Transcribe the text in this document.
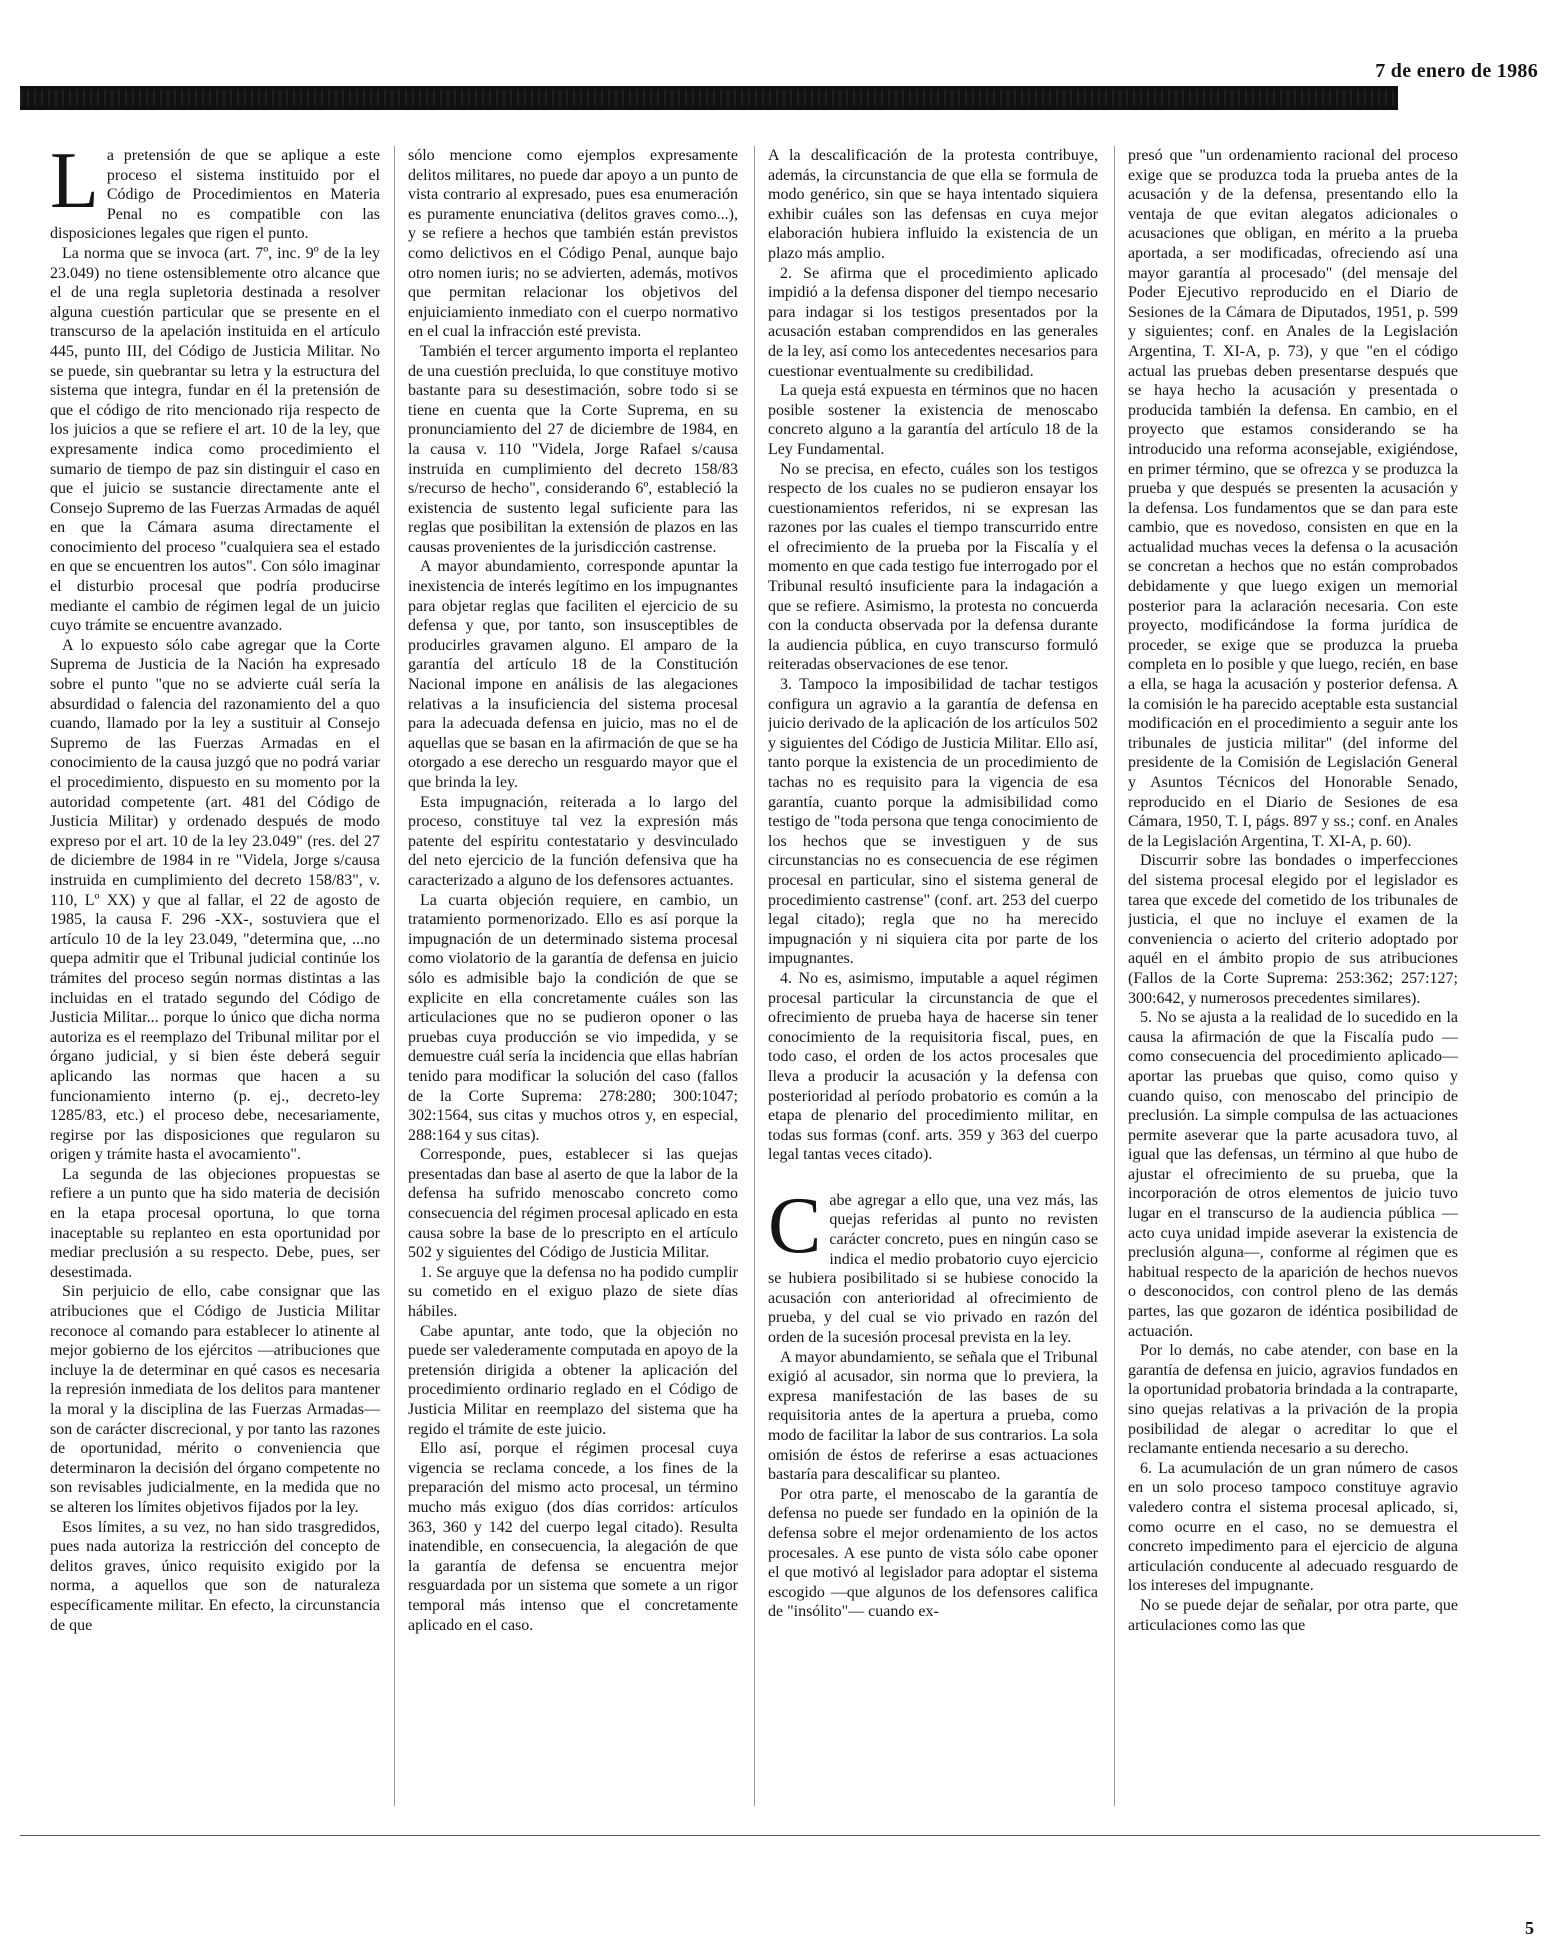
7 de enero de 1986

La pretensión de que se aplique a este proceso el sistema instituido por el Código de Procedimientos en Materia Penal no es compatible con las disposiciones legales que rigen el punto.

La norma que se invoca (art. 7º, inc. 9º de la ley 23.049) no tiene ostensiblemente otro alcance que el de una regla supletoria destinada a resolver alguna cuestión particular que se presente en el transcurso de la apelación instituida en el artículo 445, punto III, del Código de Justicia Militar. No se puede, sin quebrantar su letra y la estructura del sistema que integra, fundar en él la pretensión de que el código de rito mencionado rija respecto de los juicios a que se refiere el art. 10 de la ley, que expresamente indica como procedimiento el sumario de tiempo de paz sin distinguir el caso en que el juicio se sustancie directamente ante el Consejo Supremo de las Fuerzas Armadas de aquél en que la Cámara asuma directamente el conocimiento del proceso "cualquiera sea el estado en que se encuentren los autos". Con sólo imaginar el disturbio procesal que podría producirse mediante el cambio de régimen legal de un juicio cuyo trámite se encuentre avanzado.

A lo expuesto sólo cabe agregar que la Corte Suprema de Justicia de la Nación ha expresado sobre el punto "que no se advierte cuál sería la absurdidad o falencia del razonamiento del a quo cuando, llamado por la ley a sustituir al Consejo Supremo de las Fuerzas Armadas en el conocimiento de la causa juzgó que no podrá variar el procedimiento, dispuesto en su momento por la autoridad competente (art. 481 del Código de Justicia Militar) y ordenado después de modo expreso por el art. 10 de la ley 23.049" (res. del 27 de diciembre de 1984 in re "Videla, Jorge s/causa instruida en cumplimiento del decreto 158/83", v. 110, Lº XX) y que al fallar, el 22 de agosto de 1985, la causa F. 296 -XX-, sostuviera que el artículo 10 de la ley 23.049, "determina que, ...no quepa admitir que el Tribunal judicial continúe los trámites del proceso según normas distintas a las incluidas en el tratado segundo del Código de Justicia Militar... porque lo único que dicha norma autoriza es el reemplazo del Tribunal militar por el órgano judicial, y si bien éste deberá seguir aplicando las normas que hacen a su funcionamiento interno (p. ej., decreto-ley 1285/83, etc.) el proceso debe, necesariamente, regirse por las disposiciones que regularon su origen y trámite hasta el avocamiento".

La segunda de las objeciones propuestas se refiere a un punto que ha sido materia de decisión en la etapa procesal oportuna, lo que torna inaceptable su replanteo en esta oportunidad por mediar preclusión a su respecto. Debe, pues, ser desestimada.

Sin perjuicio de ello, cabe consignar que las atribuciones que el Código de Justicia Militar reconoce al comando para establecer lo atinente al mejor gobierno de los ejércitos —atribuciones que incluye la de determinar en qué casos es necesaria la represión inmediata de los delitos para mantener la moral y la disciplina de las Fuerzas Armadas— son de carácter discrecional, y por tanto las razones de oportunidad, mérito o conveniencia que determinaron la decisión del órgano competente no son revisables judicialmente, en la medida que no se alteren los límites objetivos fijados por la ley.

Esos límites, a su vez, no han sido trasgredidos, pues nada autoriza la restricción del concepto de delitos graves, único requisito exigido por la norma, a aquellos que son de naturaleza específicamente militar. En efecto, la circunstancia de que

sólo mencione como ejemplos expresamente delitos militares, no puede dar apoyo a un punto de vista contrario al expresado, pues esa enumeración es puramente enunciativa (delitos graves como...), y se refiere a hechos que también están previstos como delictivos en el Código Penal, aunque bajo otro nomen iuris; no se advierten, además, motivos que permitan relacionar los objetivos del enjuiciamiento inmediato con el cuerpo normativo en el cual la infracción esté prevista.

También el tercer argumento importa el replanteo de una cuestión precluida, lo que constituye motivo bastante para su desestimación, sobre todo si se tiene en cuenta que la Corte Suprema, en su pronunciamiento del 27 de diciembre de 1984, en la causa v. 110 "Videla, Jorge Rafael s/causa instruida en cumplimiento del decreto 158/83 s/recurso de hecho", considerando 6º, estableció la existencia de sustento legal suficiente para las reglas que posibilitan la extensión de plazos en las causas provenientes de la jurisdicción castrense.

A mayor abundamiento, corresponde apuntar la inexistencia de interés legítimo en los impugnantes para objetar reglas que faciliten el ejercicio de su defensa y que, por tanto, son insusceptibles de producirles gravamen alguno. El amparo de la garantía del artículo 18 de la Constitución Nacional impone en análisis de las alegaciones relativas a la insuficiencia del sistema procesal para la adecuada defensa en juicio, mas no el de aquellas que se basan en la afirmación de que se ha otorgado a ese derecho un resguardo mayor que el que brinda la ley.

Esta impugnación, reiterada a lo largo del proceso, constituye tal vez la expresión más patente del espíritu contestatario y desvinculado del neto ejercicio de la función defensiva que ha caracterizado a alguno de los defensores actuantes.

La cuarta objeción requiere, en cambio, un tratamiento pormenorizado. Ello es así porque la impugnación de un determinado sistema procesal como violatorio de la garantía de defensa en juicio sólo es admisible bajo la condición de que se explicite en ella concretamente cuáles son las articulaciones que no se pudieron oponer o las pruebas cuya producción se vio impedida, y se demuestre cuál sería la incidencia que ellas habrían tenido para modificar la solución del caso (fallos de la Corte Suprema: 278:280; 300:1047; 302:1564, sus citas y muchos otros y, en especial, 288:164 y sus citas).

Corresponde, pues, establecer si las quejas presentadas dan base al aserto de que la labor de la defensa ha sufrido menoscabo concreto como consecuencia del régimen procesal aplicado en esta causa sobre la base de lo prescripto en el artículo 502 y siguientes del Código de Justicia Militar.

1. Se arguye que la defensa no ha podido cumplir su cometido en el exiguo plazo de siete días hábiles.

Cabe apuntar, ante todo, que la objeción no puede ser valederamente computada en apoyo de la pretensión dirigida a obtener la aplicación del procedimiento ordinario reglado en el Código de Justicia Militar en reemplazo del sistema que ha regido el trámite de este juicio.

Ello así, porque el régimen procesal cuya vigencia se reclama concede, a los fines de la preparación del mismo acto procesal, un término mucho más exiguo (dos días corridos: artículos 363, 360 y 142 del cuerpo legal citado). Resulta inatendible, en consecuencia, la alegación de que la garantía de defensa se encuentra mejor resguardada por un sistema que somete a un rigor temporal más intenso que el concretamente aplicado en el caso.

A la descalificación de la protesta contribuye, además, la circunstancia de que ella se formula de modo genérico, sin que se haya intentado siquiera exhibir cuáles son las defensas en cuya mejor elaboración hubiera influido la existencia de un plazo más amplio.

2. Se afirma que el procedimiento aplicado impidió a la defensa disponer del tiempo necesario para indagar si los testigos presentados por la acusación estaban comprendidos en las generales de la ley, así como los antecedentes necesarios para cuestionar eventualmente su credibilidad.

La queja está expuesta en términos que no hacen posible sostener la existencia de menoscabo concreto alguno a la garantía del artículo 18 de la Ley Fundamental.

No se precisa, en efecto, cuáles son los testigos respecto de los cuales no se pudieron ensayar los cuestionamientos referidos, ni se expresan las razones por las cuales el tiempo transcurrido entre el ofrecimiento de la prueba por la Fiscalía y el momento en que cada testigo fue interrogado por el Tribunal resultó insuficiente para la indagación a que se refiere. Asimismo, la protesta no concuerda con la conducta observada por la defensa durante la audiencia pública, en cuyo transcurso formuló reiteradas observaciones de ese tenor.

3. Tampoco la imposibilidad de tachar testigos configura un agravio a la garantía de defensa en juicio derivado de la aplicación de los artículos 502 y siguientes del Código de Justicia Militar. Ello así, tanto porque la existencia de un procedimiento de tachas no es requisito para la vigencia de esa garantía, cuanto porque la admisibilidad como testigo de "toda persona que tenga conocimiento de los hechos que se investiguen y de sus circunstancias no es consecuencia de ese régimen procesal en particular, sino el sistema general de procedimiento castrense" (conf. art. 253 del cuerpo legal citado); regla que no ha merecido impugnación y ni siquiera cita por parte de los impugnantes.

4. No es, asimismo, imputable a aquel régimen procesal particular la circunstancia de que el ofrecimiento de prueba haya de hacerse sin tener conocimiento de la requisitoria fiscal, pues, en todo caso, el orden de los actos procesales que lleva a producir la acusación y la defensa con posterioridad al período probatorio es común a la etapa de plenario del procedimiento militar, en todas sus formas (conf. arts. 359 y 363 del cuerpo legal tantas veces citado).

Cabe agregar a ello que, una vez más, las quejas referidas al punto no revisten carácter concreto, pues en ningún caso se indica el medio probatorio cuyo ejercicio se hubiera posibilitado si se hubiese conocido la acusación con anterioridad al ofrecimiento de prueba, y del cual se vio privado en razón del orden de la sucesión procesal prevista en la ley.

A mayor abundamiento, se señala que el Tribunal exigió al acusador, sin norma que lo previera, la expresa manifestación de las bases de su requisitoria antes de la apertura a prueba, como modo de facilitar la labor de sus contrarios. La sola omisión de éstos de referirse a esas actuaciones bastaría para descalificar su planteo.

Por otra parte, el menoscabo de la garantía de defensa no puede ser fundado en la opinión de la defensa sobre el mejor ordenamiento de los actos procesales. A ese punto de vista sólo cabe oponer el que motivó al legislador para adoptar el sistema escogido —que algunos de los defensores califica de "insólito"— cuando ex-

presó que "un ordenamiento racional del proceso exige que se produzca toda la prueba antes de la acusación y de la defensa, presentando ello la ventaja de que evitan alegatos adicionales o acusaciones que obligan, en mérito a la prueba aportada, a ser modificadas, ofreciendo así una mayor garantía al procesado" (del mensaje del Poder Ejecutivo reproducido en el Diario de Sesiones de la Cámara de Diputados, 1951, p. 599 y siguientes; conf. en Anales de la Legislación Argentina, T. XI-A, p. 73), y que "en el código actual las pruebas deben presentarse después que se haya hecho la acusación y presentada o producida también la defensa. En cambio, en el proyecto que estamos considerando se ha introducido una reforma aconsejable, exigiéndose, en primer término, que se ofrezca y se produzca la prueba y que después se presenten la acusación y la defensa. Los fundamentos que se dan para este cambio, que es novedoso, consisten en que en la actualidad muchas veces la defensa o la acusación se concretan a hechos que no están comprobados debidamente y que luego exigen un memorial posterior para la aclaración necesaria. Con este proyecto, modificándose la forma jurídica de proceder, se exige que se produzca la prueba completa en lo posible y que luego, recién, en base a ella, se haga la acusación y posterior defensa. A la comisión le ha parecido aceptable esta sustancial modificación en el procedimiento a seguir ante los tribunales de justicia militar" (del informe del presidente de la Comisión de Legislación General y Asuntos Técnicos del Honorable Senado, reproducido en el Diario de Sesiones de esa Cámara, 1950, T. I, págs. 897 y ss.; conf. en Anales de la Legislación Argentina, T. XI-A, p. 60).

Discurrir sobre las bondades o imperfecciones del sistema procesal elegido por el legislador es tarea que excede del cometido de los tribunales de justicia, el que no incluye el examen de la conveniencia o acierto del criterio adoptado por aquél en el ámbito propio de sus atribuciones (Fallos de la Corte Suprema: 253:362; 257:127; 300:642, y numerosos precedentes similares).

5. No se ajusta a la realidad de lo sucedido en la causa la afirmación de que la Fiscalía pudo —como consecuencia del procedimiento aplicado— aportar las pruebas que quiso, como quiso y cuando quiso, con menoscabo del principio de preclusión. La simple compulsa de las actuaciones permite aseverar que la parte acusadora tuvo, al igual que las defensas, un término al que hubo de ajustar el ofrecimiento de su prueba, que la incorporación de otros elementos de juicio tuvo lugar en el transcurso de la audiencia pública —acto cuya unidad impide aseverar la existencia de preclusión alguna—, conforme al régimen que es habitual respecto de la aparición de hechos nuevos o desconocidos, con control pleno de las demás partes, las que gozaron de idéntica posibilidad de actuación.

Por lo demás, no cabe atender, con base en la garantía de defensa en juicio, agravios fundados en la oportunidad probatoria brindada a la contraparte, sino quejas relativas a la privación de la propia posibilidad de alegar o acreditar lo que el reclamante entienda necesario a su derecho.

6. La acumulación de un gran número de casos en un solo proceso tampoco constituye agravio valedero contra el sistema procesal aplicado, si, como ocurre en el caso, no se demuestra el concreto impedimento para el ejercicio de alguna articulación conducente al adecuado resguardo de los intereses del impugnante.

No se puede dejar de señalar, por otra parte, que articulaciones como las que

5
